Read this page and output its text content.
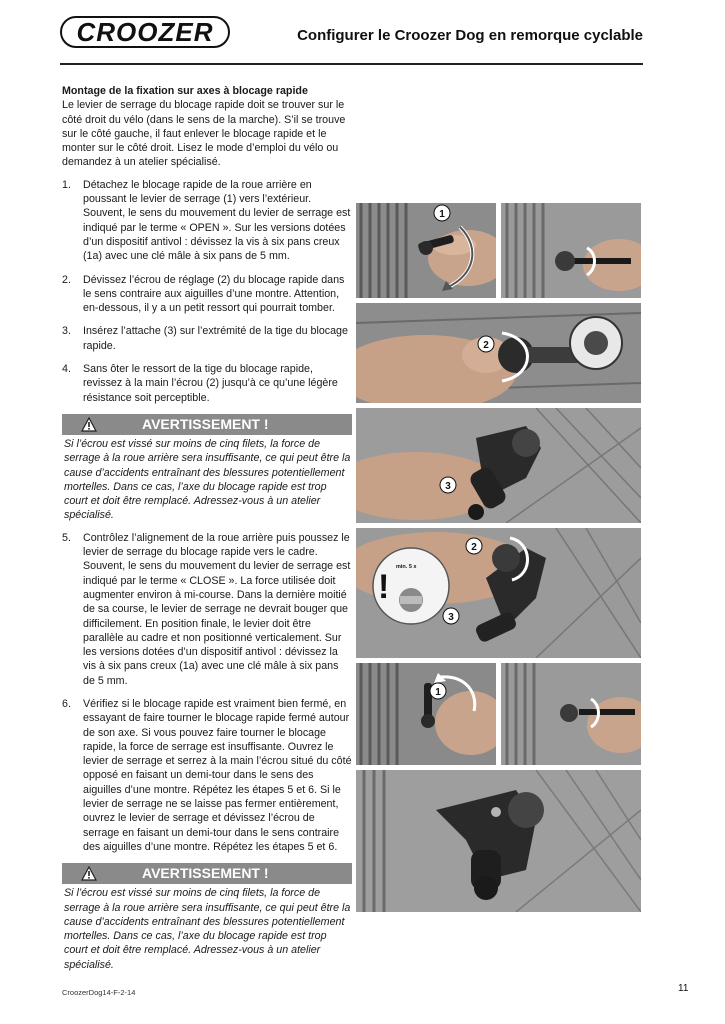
CROOZER	Configurer le Croozer Dog en remorque cyclable

Montage de la fixation sur axes à blocage rapide

Le levier de serrage du blocage rapide doit se trouver sur le côté droit du vélo (dans le sens de la marche). S’il se trouve sur le côté gauche, il faut enlever le blocage rapide et le monter sur le côté droit. Lisez le mode d’emploi du vélo ou demandez à un atelier spécialisé.

1. Détachez le blocage rapide de la roue arrière en poussant le levier de serrage (1) vers l’extérieur. Souvent, le sens du mouvement du levier de serrage est indiqué par le terme « OPEN ». Sur les versions dotées d’un dispositif antivol : dévissez la vis à six pans creux (1a) avec une clé mâle à six pans de 5 mm.
2. Dévissez l’écrou de réglage (2) du blocage rapide dans le sens contraire aux aiguilles d’une montre. Attention, en-dessous, il y a un petit ressort qui pourrait tomber.
3. Insérez l’attache (3) sur l’extrémité de la tige du blocage rapide.
4. Sans ôter le ressort de la tige du blocage rapide, revissez à la main l’écrou (2) jusqu’à ce qu’une légère résistance soit perceptible.
AVERTISSEMENT !

Si l’écrou est vissé sur moins de cinq filets, la force de serrage à la roue arrière sera insuffisante, ce qui peut être la cause d’accidents entraînant des blessures potentiellement mortelles. Dans ce cas, l’axe du blocage rapide est trop court et doit être remplacé. Adressez-vous à un atelier spécialisé.

5. Contrôlez l’alignement de la roue arrière puis poussez le levier de serrage du blocage rapide vers le cadre. Souvent, le sens du mouvement du levier de serrage est indiqué par le terme « CLOSE ». La force utilisée doit augmenter environ à mi-course. Dans la dernière moitié de sa course, le levier de serrage ne devrait bouger que difficilement. En position finale, le levier doit être parallèle au cadre et non positionné verticalement. Sur les versions dotées d’un dispositif antivol : dévissez la vis à six pans creux (1a) avec une clé mâle à six pans de 5 mm.
6. Vérifiez si le blocage rapide est vraiment bien fermé, en essayant de faire tourner le blocage rapide fermé autour de son axe. Si vous pouvez faire tourner le blocage rapide, la force de serrage est insuffisante. Ouvrez le levier de serrage et serrez à la main l’écrou situé du côté opposé en faisant un demi-tour dans le sens des aiguilles d’une montre. Répétez les étapes 5 et 6. Si le levier de serrage ne se laisse pas fermer entièrement, ouvrez le levier de serrage et dévissez l’écrou de serrage en faisant un demi-tour dans le sens contraire des aiguilles d’une montre. Répétez les étapes 5 et 6.
AVERTISSEMENT !

Si l’écrou est vissé sur moins de cinq filets, la force de serrage à la roue arrière sera insuffisante, ce qui peut être la cause d’accidents entraînant des blessures potentiellement mortelles. Dans ce cas, l’axe du blocage rapide est trop court et doit être remplacé. Adressez-vous à un atelier spécialisé.

1
2
3
min. 5 x
!
2
3
1
CroozerDog14-F-2-14	11
